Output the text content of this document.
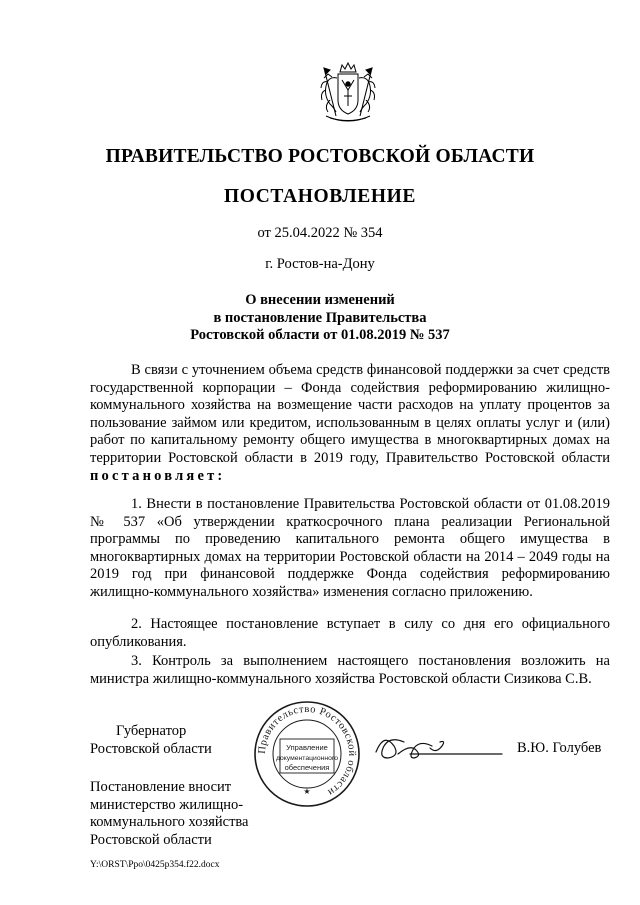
ПРАВИТЕЛЬСТВО РОСТОВСКОЙ ОБЛАСТИ
ПОСТАНОВЛЕНИЕ
от 25.04.2022 № 354
г. Ростов-на-Дону
О внесении изменений
в постановление Правительства
Ростовской области от 01.08.2019 № 537

В связи с уточнением объема средств финансовой поддержки за счет средств государственной корпорации – Фонда содействия реформированию жилищно-коммунального хозяйства на возмещение части расходов на уплату процентов за пользование займом или кредитом, использованным в целях оплаты услуг и (или) работ по капитальному ремонту общего имущества в многоквартирных домах на территории Ростовской области в 2019 году, Правительство Ростовской области постановляет:

1. Внести в постановление Правительства Ростовской области от 01.08.2019 № 537 «Об утверждении краткосрочного плана реализации Региональной программы по проведению капитального ремонта общего имущества в многоквартирных домах на территории Ростовской области на 2014 – 2049 годы на 2019 год при финансовой поддержке Фонда содействия реформированию жилищно-коммунального хозяйства» изменения согласно приложению.

2. Настоящее постановление вступает в силу со дня его официального опубликования.

3. Контроль за выполнением настоящего постановления возложить на министра жилищно-коммунального хозяйства Ростовской области Сизикова С.В.

Губернатор
Ростовской области	Правительство Ростовской области
Управление
документационного
обеспечения
★
В.Ю. Голубев
Постановление вносит
министерство жилищно-
коммунального хозяйства
Ростовской области
Y:\ORST\Ppo\0425p354.f22.docx
